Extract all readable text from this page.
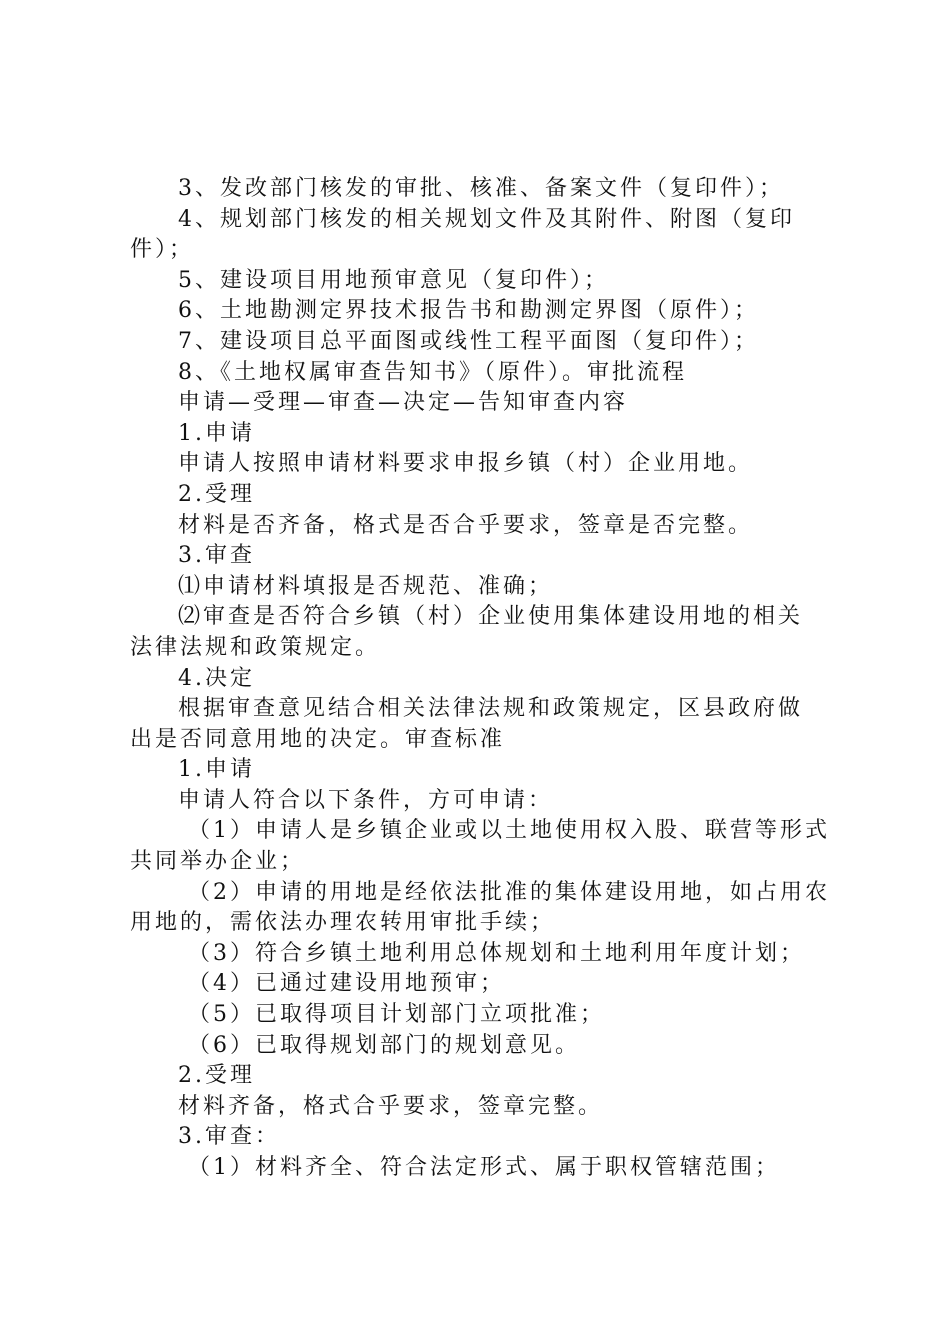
3、发改部门核发的审批、核准、备案文件（复印件）；
4、规划部门核发的相关规划文件及其附件、附图（复印
件）；
5、建设项目用地预审意见（复印件）；
6、土地勘测定界技术报告书和勘测定界图（原件）；
7、建设项目总平面图或线性工程平面图（复印件）；
8、《土地权属审查告知书》（原件）。审批流程
申请—受理—审查—决定—告知审查内容
1.申请
申请人按照申请材料要求申报乡镇（村）企业用地。
2.受理
材料是否齐备，格式是否合乎要求，签章是否完整。
3.审查
⑴申请材料填报是否规范、准确；
⑵审查是否符合乡镇（村）企业使用集体建设用地的相关
法律法规和政策规定。
4.决定
根据审查意见结合相关法律法规和政策规定，区县政府做
出是否同意用地的决定。审查标准
1.申请
申请人符合以下条件，方可申请：
（1）申请人是乡镇企业或以土地使用权入股、联营等形式
共同举办企业；
（2）申请的用地是经依法批准的集体建设用地，如占用农
用地的，需依法办理农转用审批手续；
（3）符合乡镇土地利用总体规划和土地利用年度计划；
（4）已通过建设用地预审；
（5）已取得项目计划部门立项批准；
（6）已取得规划部门的规划意见。
2.受理
材料齐备，格式合乎要求，签章完整。
3.审查：
（1）材料齐全、符合法定形式、属于职权管辖范围；
